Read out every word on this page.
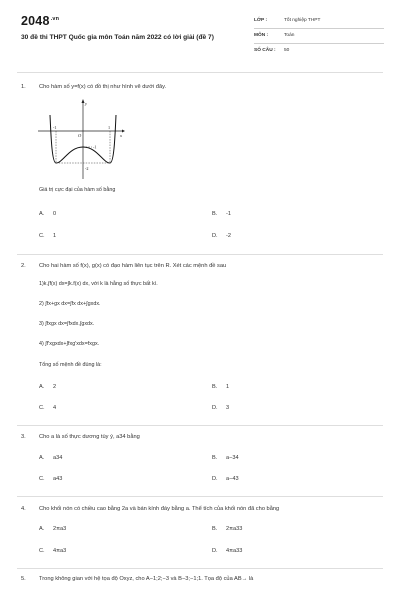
$2048^{.vn}$
30 đề thi THPT Quốc gia môn Toán năm 2022 có lời giải (đề 7)
LỚP :	Tốt nghiệp THPT
MÔN :	Toán
SỐ CÂU : 50
1. Cho hàm số y=f(x) có đồ thị như hình vẽ dưới đây.
y
x
O
-1	1
-1
-2
Giá trị cực đại của hàm số bằng
A. 0	B. -1
C. 1	D. -2
2. Cho hai hàm số f(x), g(x) có đạo hàm liên tục trên R. Xét các mệnh đề sau
1)k.∫f(x) dx=∫k.f(x) dx, với k là hằng số thực bất kì.
2) ∫fx+gx dx=∫fx dx+∫gxdx.
3) ∫fxgx dx=∫fxdx.∫gxdx.
4) ∫f'xgxdx+∫fxg'xdx=fxgx.
Tổng số mệnh đề đúng là:
A. 2	B. 1
C. 4	D. 3
3. Cho a là số thực dương tùy ý, a34 bằng
A. a34	B. a−34
C. a43	D. a−43
4. Cho khối nón có chiều cao bằng 2a và bán kính đáy bằng a. Thể tích của khối nón đã cho bằng
A. 2πa3	B. 2πa33
C. 4πa3	D. 4πa33
5. Trong không gian với hệ tọa độ Oxyz, cho A−1;2;−3 và B−3;−1;1. Tọa độ của AB→ là
